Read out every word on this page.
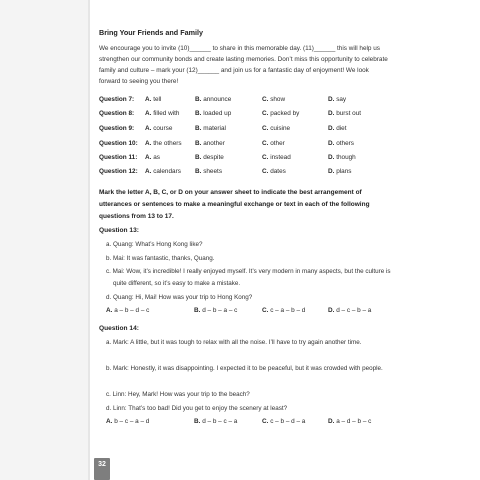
Bring Your Friends and Family
We encourage you to invite (10)______ to share in this memorable day. (11)______ this will help us strengthen our community bonds and create lasting memories. Don’t miss this opportunity to celebrate family and culture – mark your (12)______ and join us for a fantastic day of enjoyment! We look forward to seeing you there!
Question 7: A. tell	B. announce	C. show	D. say
Question 8: A. filled with B. loaded up	C. packed by	D. burst out
Question 9: A. course	B. material	C. cuisine	D. diet
Question 10: A. the others B. another	C. other	D. others
Question 11: A. as	B. despite	C. instead	D. though
Question 12: A. calendars B. sheets	C. dates	D. plans
Mark the letter A, B, C, or D on your answer sheet to indicate the best arrangement of utterances or sentences to make a meaningful exchange or text in each of the following questions from 13 to 17.
Question 13:
a. Quang: What’s Hong Kong like?
b. Mai: It was fantastic, thanks, Quang.
c. Mai: Wow, it’s incredible! I really enjoyed myself. It’s very modern in many aspects, but the culture is quite different, so it’s easy to make a mistake.
d. Quang: Hi, Mai! How was your trip to Hong Kong?
A. a – b – d – c	B. d – b – a – c	C. c – a – b – d	D. d – c – b – a
Question 14:
a. Mark: A little, but it was tough to relax with all the noise. I’ll have to try again another time.
b. Mark: Honestly, it was disappointing. I expected it to be peaceful, but it was crowded with people.
c. Linn: Hey, Mark! How was your trip to the beach?
d. Linn: That’s too bad! Did you get to enjoy the scenery at least?
A. b – c – a – d	B. d – b – c – a	C. c – b – d – a	D. a – d – b – c
32
